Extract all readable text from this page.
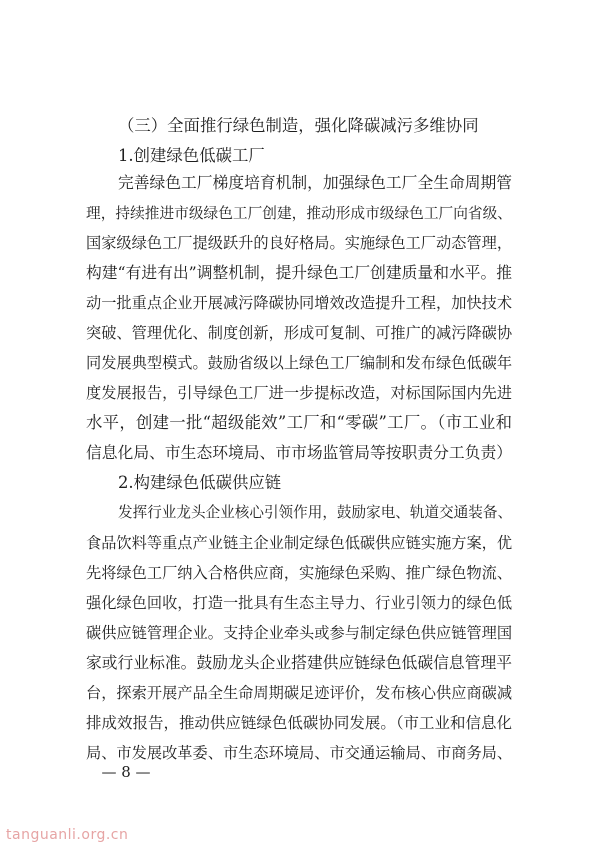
（三）全面推行绿色制造，强化降碳减污多维协同
1.创建绿色低碳工厂
完善绿色工厂梯度培育机制，加强绿色工厂全生命周期管
理，持续推进市级绿色工厂创建，推动形成市级绿色工厂向省级、
国家级绿色工厂提级跃升的良好格局。实施绿色工厂动态管理，
构建“有进有出”调整机制，提升绿色工厂创建质量和水平。推
动一批重点企业开展减污降碳协同增效改造提升工程，加快技术
突破、管理优化、制度创新，形成可复制、可推广的减污降碳协
同发展典型模式。鼓励省级以上绿色工厂编制和发布绿色低碳年
度发展报告，引导绿色工厂进一步提标改造，对标国际国内先进
水平，创建一批“超级能效”工厂和“零碳”工厂。（市工业和
信息化局、市生态环境局、市市场监管局等按职责分工负责）
2.构建绿色低碳供应链
发挥行业龙头企业核心引领作用，鼓励家电、轨道交通装备、
食品饮料等重点产业链主企业制定绿色低碳供应链实施方案，优
先将绿色工厂纳入合格供应商，实施绿色采购、推广绿色物流、
强化绿色回收，打造一批具有生态主导力、行业引领力的绿色低
碳供应链管理企业。支持企业牵头或参与制定绿色供应链管理国
家或行业标准。鼓励龙头企业搭建供应链绿色低碳信息管理平
台，探索开展产品全生命周期碳足迹评价，发布核心供应商碳减
排成效报告，推动供应链绿色低碳协同发展。（市工业和信息化
局、市发展改革委、市生态环境局、市交通运输局、市商务局、
— 8 —
tanguanli.org.cn
